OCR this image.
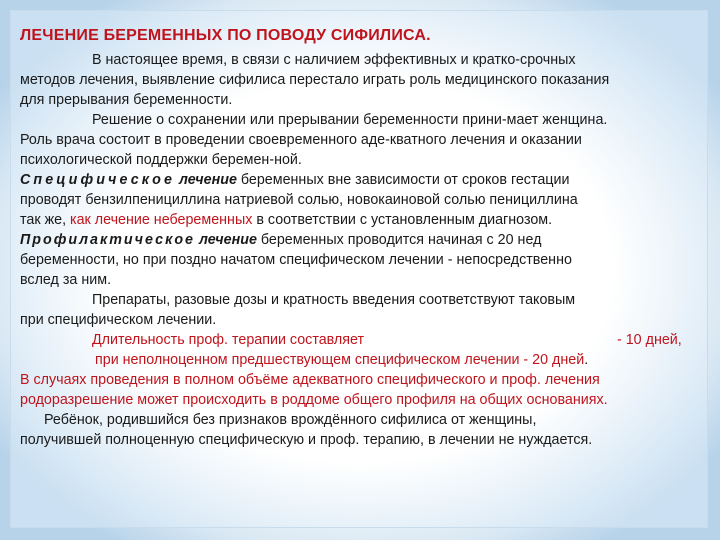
ЛЕЧЕНИЕ БЕРЕМЕННЫХ ПО ПОВОДУ СИФИЛИСА.
В настоящее время, в связи с наличием эффективных и кратко-срочных
методов лечения, выявление сифилиса перестало играть роль медицинского показания
для прерывания беременности.
Решение о сохранении или прерывании беременности прини-мает женщина.
Роль врача состоит в проведении своевременного аде-кватного лечения и оказании
психологической поддержки беремен-ной.
Специфическое лечение беременных вне зависимости от сроков гестации
проводят бензилпенициллина натриевой солью, новокаиновой солью пенициллина
так же, как лечение небеременных в соответствии с установленным диагнозом.
Профилактическое лечение беременных проводится начиная с 20 нед
беременности, но при поздно начатом специфическом лечении - непосредственно
вслед за ним.
Препараты, разовые дозы и кратность введения соответствуют таковым
при специфическом лечении.
Длительность проф. терапии составляет	- 10 дней,
при неполноценном предшествующем специфическом лечении - 20 дней.
В случаях проведения в полном объёме адекватного специфического и проф. лечения
родоразрешение может происходить в роддоме общего профиля на общих основаниях.
Ребёнок, родившийся без признаков врождённого сифилиса от женщины,
получившей полноценную специфическую и проф. терапию, в лечении не нуждается.
